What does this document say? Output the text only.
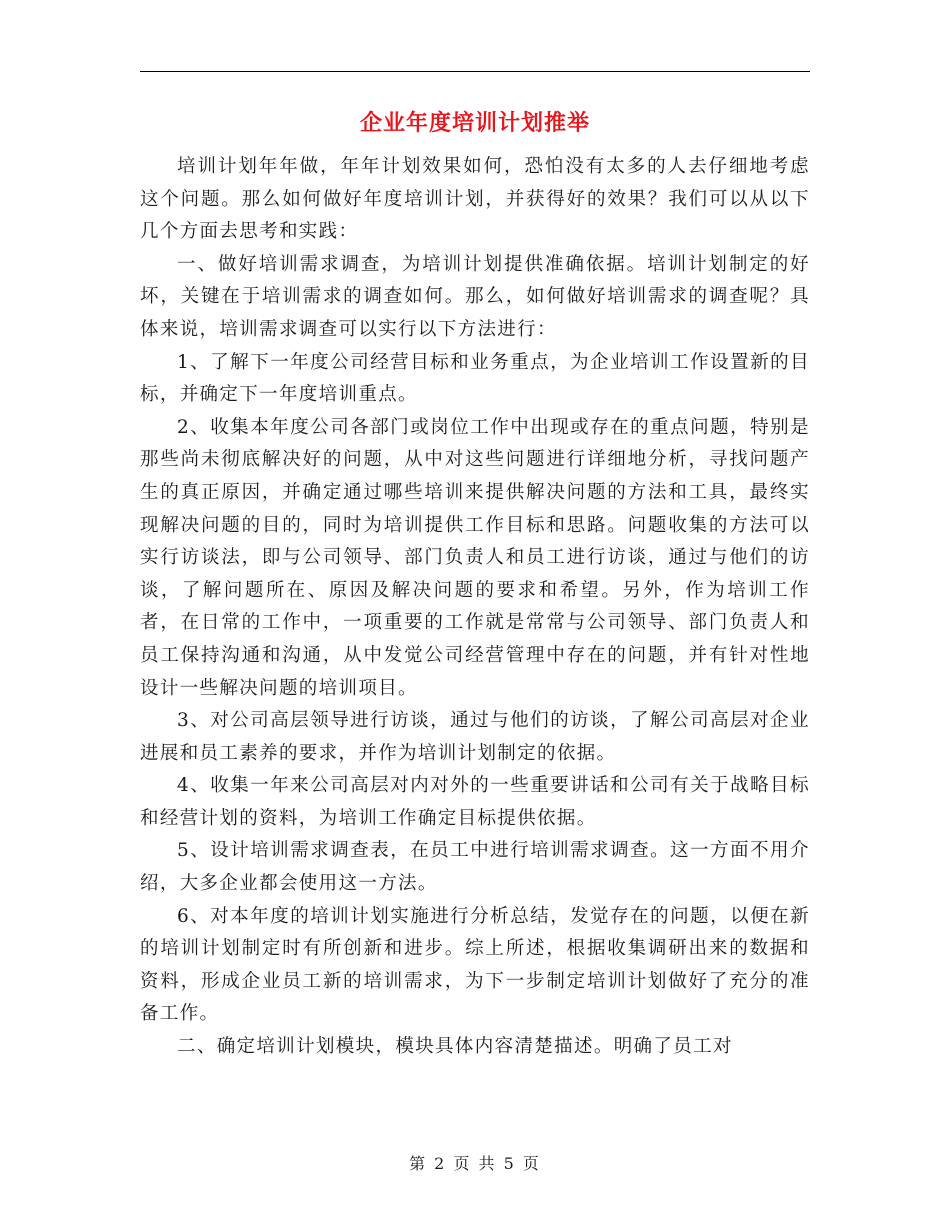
企业年度培训计划推举

培训计划年年做，年年计划效果如何，恐怕没有太多的人去仔细地考虑这个问题。那么如何做好年度培训计划，并获得好的效果？我们可以从以下几个方面去思考和实践：

一、做好培训需求调查，为培训计划提供准确依据。培训计划制定的好坏，关键在于培训需求的调查如何。那么，如何做好培训需求的调查呢？具体来说，培训需求调查可以实行以下方法进行：

1、了解下一年度公司经营目标和业务重点，为企业培训工作设置新的目标，并确定下一年度培训重点。

2、收集本年度公司各部门或岗位工作中出现或存在的重点问题，特别是那些尚未彻底解决好的问题，从中对这些问题进行详细地分析，寻找问题产生的真正原因，并确定通过哪些培训来提供解决问题的方法和工具，最终实现解决问题的目的，同时为培训提供工作目标和思路。问题收集的方法可以实行访谈法，即与公司领导、部门负责人和员工进行访谈，通过与他们的访谈，了解问题所在、原因及解决问题的要求和希望。另外，作为培训工作者，在日常的工作中，一项重要的工作就是常常与公司领导、部门负责人和员工保持沟通和沟通，从中发觉公司经营管理中存在的问题，并有针对性地设计一些解决问题的培训项目。

3、对公司高层领导进行访谈，通过与他们的访谈，了解公司高层对企业进展和员工素养的要求，并作为培训计划制定的依据。

4、收集一年来公司高层对内对外的一些重要讲话和公司有关于战略目标和经营计划的资料，为培训工作确定目标提供依据。

5、设计培训需求调查表，在员工中进行培训需求调查。这一方面不用介绍，大多企业都会使用这一方法。

6、对本年度的培训计划实施进行分析总结，发觉存在的问题，以便在新的培训计划制定时有所创新和进步。综上所述，根据收集调研出来的数据和资料，形成企业员工新的培训需求，为下一步制定培训计划做好了充分的准备工作。

二、确定培训计划模块，模块具体内容清楚描述。明确了员工对

第 2 页 共 5 页
